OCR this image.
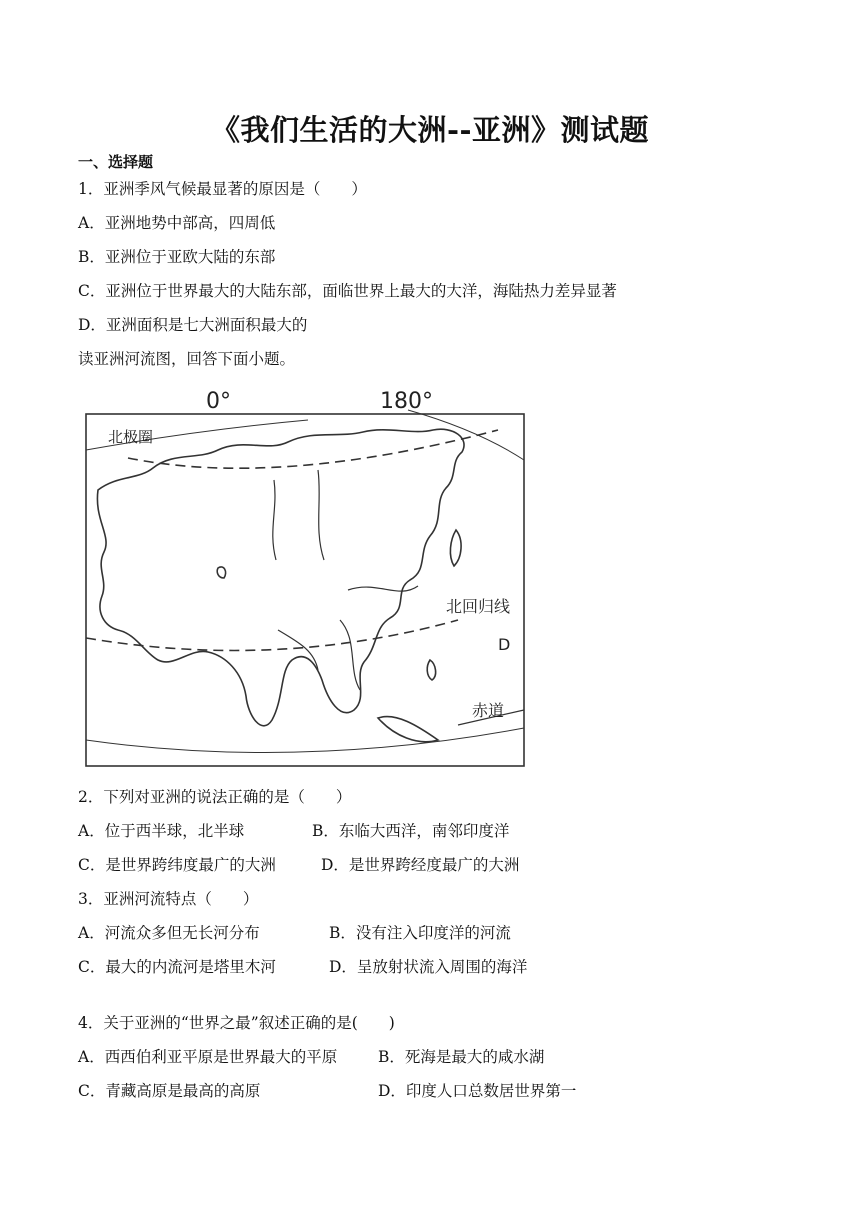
《我们生活的大洲--亚洲》测试题
一、选择题
1．亚洲季风气候最显著的原因是（　　）
A．亚洲地势中部高，四周低
B．亚洲位于亚欧大陆的东部
C．亚洲位于世界最大的大陆东部，面临世界上最大的大洋，海陆热力差异显著
D．亚洲面积是七大洲面积最大的
读亚洲河流图，回答下面小题。
0°	180°
北极圈
北回归线
D
赤道
2．下列对亚洲的说法正确的是（　　）
A．位于西半球，北半球	B．东临大西洋，南邻印度洋
C．是世界跨纬度最广的大洲	D．是世界跨经度最广的大洲
3．亚洲河流特点（　　）
A．河流众多但无长河分布	B．没有注入印度洋的河流
C．最大的内流河是塔里木河	D．呈放射状流入周围的海洋
4．关于亚洲的“世界之最”叙述正确的是(　　)
A．西西伯利亚平原是世界最大的平原	B．死海是最大的咸水湖
C．青藏高原是最高的高原	D．印度人口总数居世界第一
